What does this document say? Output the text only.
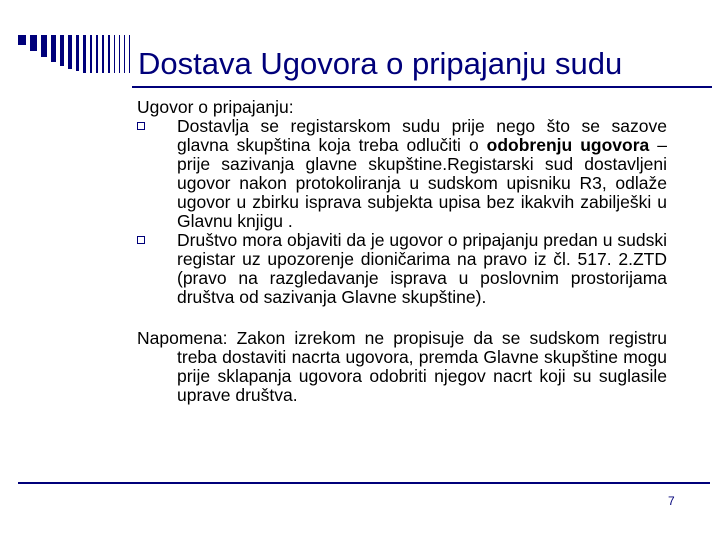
Dostava Ugovora o pripajanju sudu

Ugovor o pripajanju:

Dostavlja se registarskom sudu prije nego što se sazove glavna skupština koja treba odlučiti o odobrenju ugovora – prije sazivanja glavne skupštine.Registarski sud dostavljeni ugovor nakon protokoliranja u sudskom upisniku R3, odlaže ugovor u zbirku isprava subjekta upisa bez ikakvih zabilješki u Glavnu knjigu .
Društvo mora objaviti da je ugovor o pripajanju predan u sudski registar uz upozorenje dioničarima na pravo iz čl. 517. 2.ZTD (pravo na razgledavanje isprava u poslovnim prostorijama društva od sazivanja Glavne skupštine).

Napomena: Zakon izrekom ne propisuje da se sudskom registru treba dostaviti nacrta ugovora, premda Glavne skupštine mogu prije sklapanja ugovora odobriti njegov nacrt koji su suglasile uprave društva.

7
